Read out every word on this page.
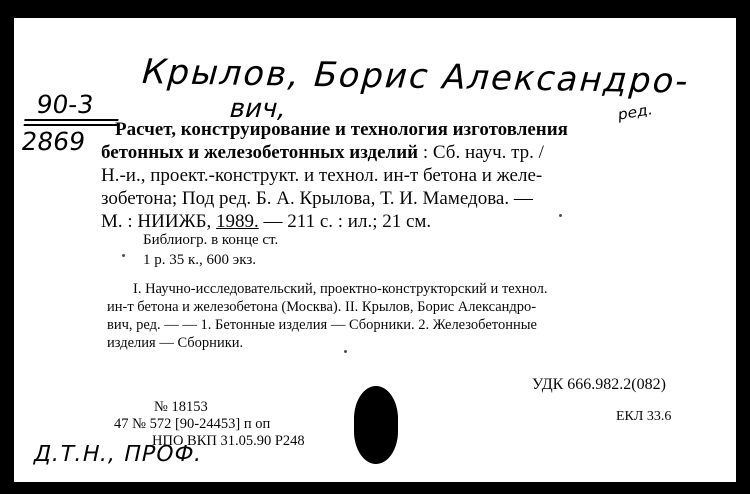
Крылов, Борис Александро-
вич,	ред.
90-3
2869	Расчет, конструирование и технология изготовления
бетонных и железобетонных изделий : Сб. науч. тр. /
Н.-и., проект.-конструкт. и технол. ин-т бетона и желе-
зобетона; Под ред. Б. А. Крылова, Т. И. Мамедова. —
М. : НИИЖБ, 1989. — 211 с. : ил.; 21 см.
Библиогр. в конце ст.
1 р. 35 к., 600 экз.
I. Научно-исследовательский, проектно-конструкторский и технол.
ин-т бетона и железобетона (Москва). II. Крылов, Борис Александро-
вич, ред. — — 1. Бетонные изделия — Сборники. 2. Железобетонные
изделия — Сборники.
УДК 666.982.2(082)
ЕКЛ 33.6
№ 18153
47 № 572 [90-24453] п оп
НПО ВКП 31.05.90 Р248
Д.Т.Н., ПРОФ.
